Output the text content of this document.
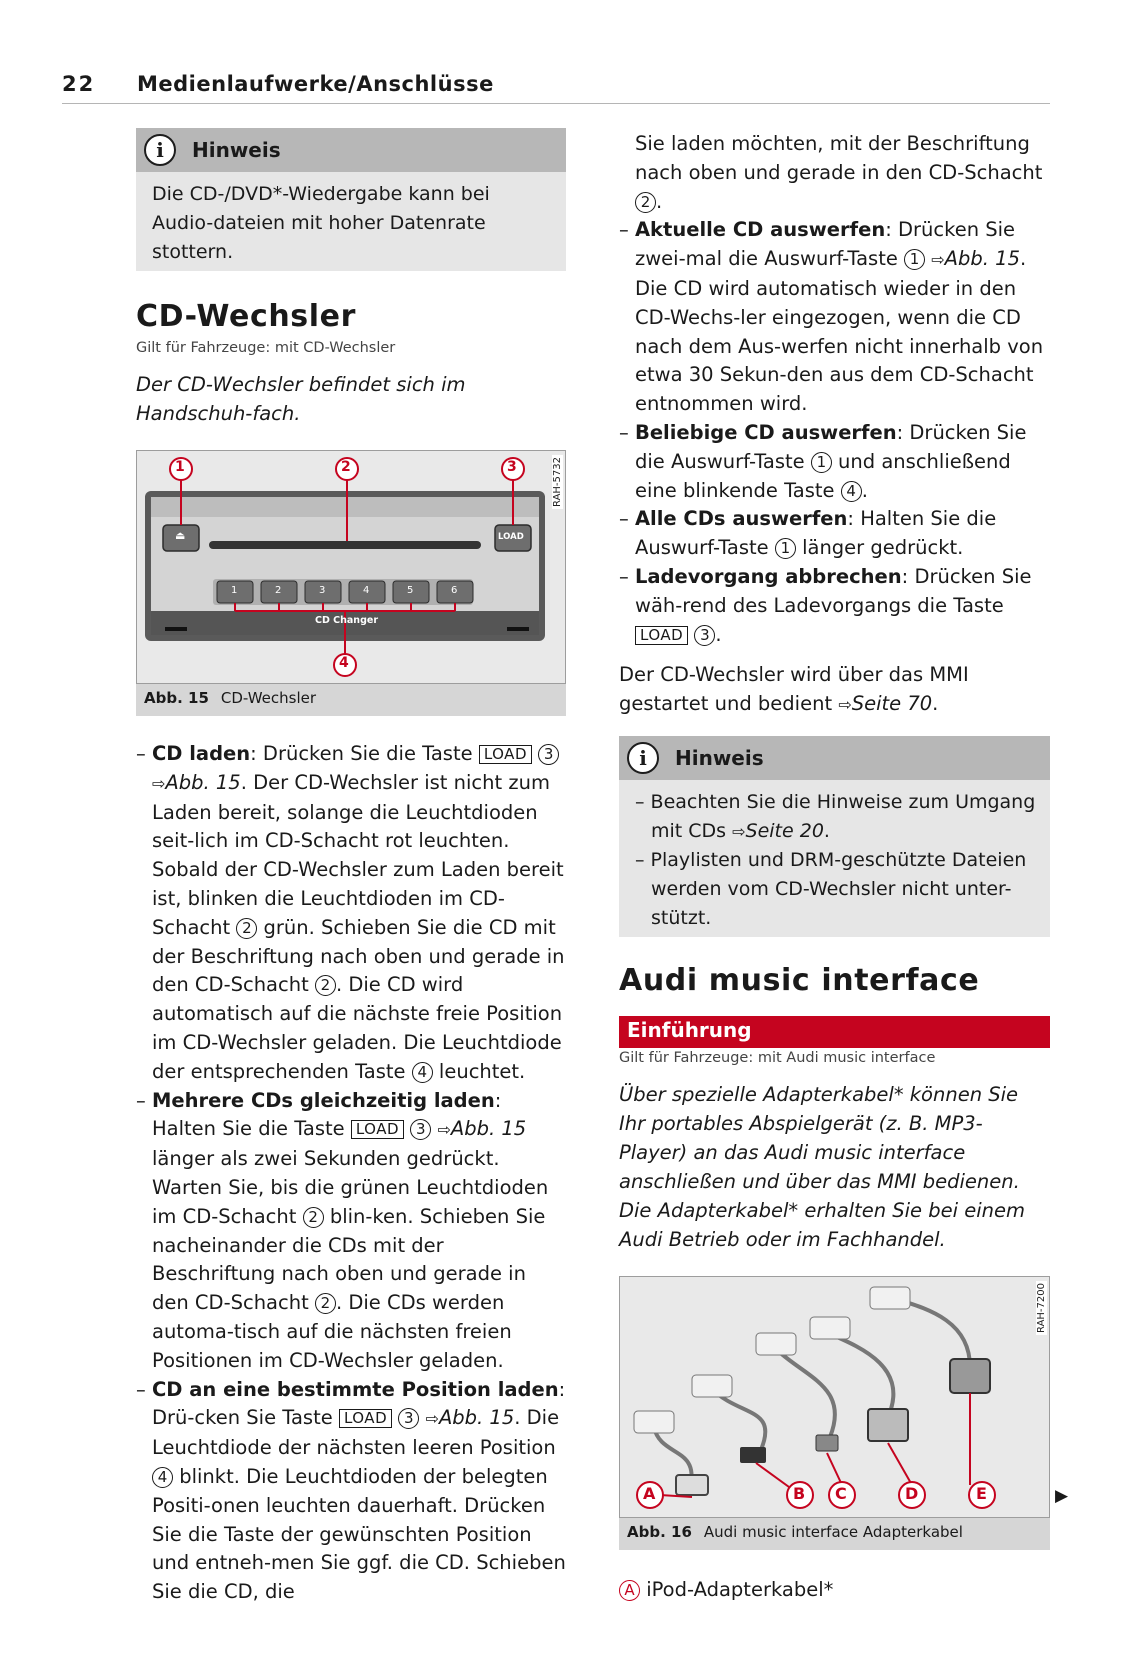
22 Medienlaufwerke/Anschlüsse
i	Hinweis
Die CD-/DVD*-Wiedergabe kann bei Audio-dateien mit hoher Datenrate stottern.
CD-Wechsler
Gilt für Fahrzeuge: mit CD-Wechsler
Der CD-Wechsler befindet sich im Handschuh-fach.
RAH-5732
1	2	3
4
⏏	LOAD
1	2	3	4	5	6
CD Changer
Abb. 15 CD-Wechsler
– CD laden: Drücken Sie die Taste LOAD 3 ⇨Abb. 15. Der CD-Wechsler ist nicht zum Laden bereit, solange die Leuchtdioden seit-lich im CD-Schacht rot leuchten. Sobald der CD-Wechsler zum Laden bereit ist, blinken die Leuchtdioden im CD-Schacht 2 grün. Schieben Sie die CD mit der Beschriftung nach oben und gerade in den CD-Schacht 2 . Die CD wird automatisch auf die nächste freie Position im CD-Wechsler geladen. Die Leuchtdiode der entsprechenden Taste 4 leuchtet.
– Mehrere CDs gleichzeitig laden: Halten Sie die Taste LOAD 3 ⇨Abb. 15 länger als zwei Sekunden gedrückt. Warten Sie, bis die grünen Leuchtdioden im CD-Schacht 2 blin-ken. Schieben Sie nacheinander die CDs mit der Beschriftung nach oben und gerade in den CD-Schacht 2 . Die CDs werden automa-tisch auf die nächsten freien Positionen im CD-Wechsler geladen.
– CD an eine bestimmte Position laden: Drü-cken Sie Taste LOAD 3 ⇨Abb. 15. Die Leuchtdiode der nächsten leeren Position 4 blinkt. Die Leuchtdioden der belegten Positi-onen leuchten dauerhaft. Drücken Sie die Taste der gewünschten Position und entneh-men Sie ggf. die CD. Schieben Sie die CD, die
Sie laden möchten, mit der Beschriftung nach oben und gerade in den CD-Schacht 2 .
– Aktuelle CD auswerfen: Drücken Sie zwei-mal die Auswurf-Taste 1 ⇨Abb. 15. Die CD wird automatisch wieder in den CD-Wechs-ler eingezogen, wenn die CD nach dem Aus-werfen nicht innerhalb von etwa 30 Sekun-den aus dem CD-Schacht entnommen wird.
– Beliebige CD auswerfen: Drücken Sie die Auswurf-Taste 1 und anschließend eine blinkende Taste 4 .
– Alle CDs auswerfen: Halten Sie die Auswurf-Taste 1 länger gedrückt.
– Ladevorgang abbrechen: Drücken Sie wäh-rend des Ladevorgangs die Taste LOAD 3 .
Der CD-Wechsler wird über das MMI gestartet und bedient ⇨Seite 70.
i	Hinweis
– Beachten Sie die Hinweise zum Umgang mit CDs ⇨Seite 20.
– Playlisten und DRM-geschützte Dateien werden vom CD-Wechsler nicht unter-stützt.
Audi music interface
Einführung
Gilt für Fahrzeuge: mit Audi music interface
Über spezielle Adapterkabel* können Sie Ihr portables Abspielgerät (z. B. MP3-Player) an das Audi music interface anschließen und über das MMI bedienen. Die Adapterkabel* erhalten Sie bei einem Audi Betrieb oder im Fachhandel.
RAH-7200
A	B C	D	E
Abb. 16 Audi music interface Adapterkabel
A iPod-Adapterkabel*
▶
